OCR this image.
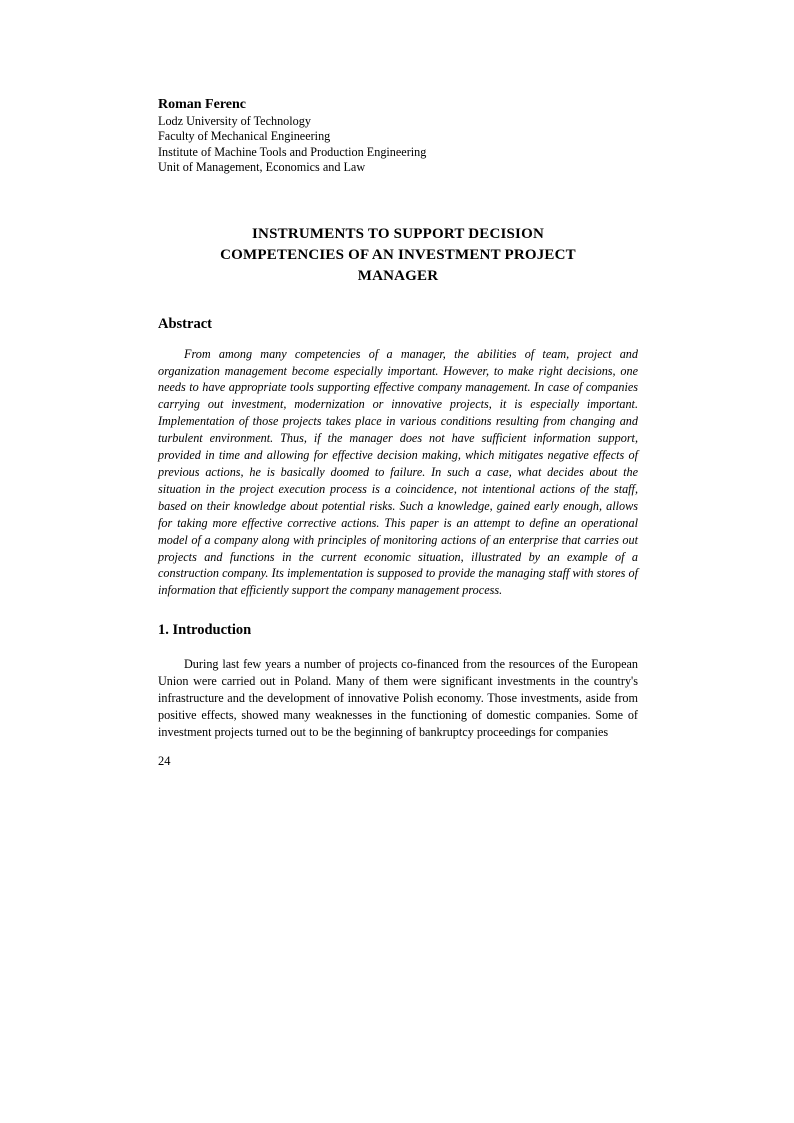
Roman Ferenc

Lodz University of Technology

Faculty of Mechanical Engineering

Institute of Machine Tools and Production Engineering

Unit of Management, Economics and Law

INSTRUMENTS TO SUPPORT DECISION
COMPETENCIES OF AN INVESTMENT PROJECT
MANAGER

Abstract

From among many competencies of a manager, the abilities of team, project and organization management become especially important. However, to make right decisions, one needs to have appropriate tools supporting effective company management. In case of companies carrying out investment, modernization or innovative projects, it is especially important. Implementation of those projects takes place in various conditions resulting from changing and turbulent environment. Thus, if the manager does not have sufficient information support, provided in time and allowing for effective decision making, which mitigates negative effects of previous actions, he is basically doomed to failure. In such a case, what decides about the situation in the project execution process is a coincidence, not intentional actions of the staff, based on their knowledge about potential risks. Such a knowledge, gained early enough, allows for taking more effective corrective actions. This paper is an attempt to define an operational model of a company along with principles of monitoring actions of an enterprise that carries out projects and functions in the current economic situation, illustrated by an example of a construction company. Its implementation is supposed to provide the managing staff with stores of information that efficiently support the company management process.

1. Introduction

During last few years a number of projects co-financed from the resources of the European Union were carried out in Poland. Many of them were significant investments in the country's infrastructure and the development of innovative Polish economy. Those investments, aside from positive effects, showed many weaknesses in the functioning of domestic companies. Some of investment projects turned out to be the beginning of bankruptcy proceedings for companies

24
